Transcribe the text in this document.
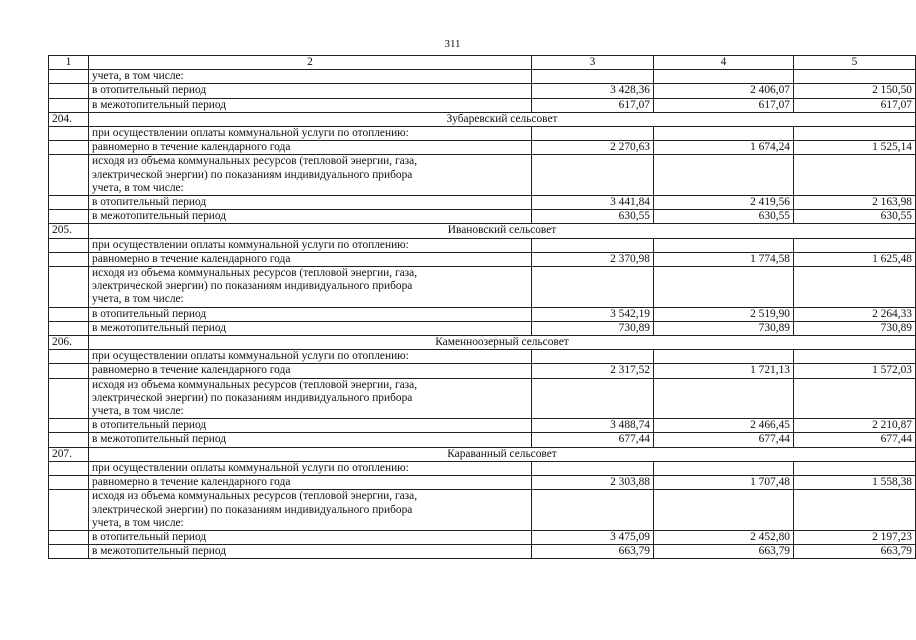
311
1	2	3	4	5
	учета, в том числе:			
	в отопительный период	3 428,36	2 406,07	2 150,50
	в межотопительный период	617,07	617,07	617,07
204.	Зубаревский сельсовет			
	при осуществлении оплаты коммунальной услуги по отоплению:			
	равномерно в течение календарного года	2 270,63	1 674,24	1 525,14

	исходя из объема коммунальных ресурсов (тепловой энергии, газа,
электрической энергии) по показаниям индивидуального прибора
учета, в том числе:			

	в отопительный период	3 441,84	2 419,56	2 163,98
	в межотопительный период	630,55	630,55	630,55
205.	Ивановский сельсовет			
	при осуществлении оплаты коммунальной услуги по отоплению:			
	равномерно в течение календарного года	2 370,98	1 774,58	1 625,48

	исходя из объема коммунальных ресурсов (тепловой энергии, газа,
электрической энергии) по показаниям индивидуального прибора
учета, в том числе:			

	в отопительный период	3 542,19	2 519,90	2 264,33
	в межотопительный период	730,89	730,89	730,89
206.	Каменноозерный сельсовет			
	при осуществлении оплаты коммунальной услуги по отоплению:			
	равномерно в течение календарного года	2 317,52	1 721,13	1 572,03

	исходя из объема коммунальных ресурсов (тепловой энергии, газа,
электрической энергии) по показаниям индивидуального прибора
учета, в том числе:			

	в отопительный период	3 488,74	2 466,45	2 210,87
	в межотопительный период	677,44	677,44	677,44
207.	Караванный сельсовет			
	при осуществлении оплаты коммунальной услуги по отоплению:			
	равномерно в течение календарного года	2 303,88	1 707,48	1 558,38

	исходя из объема коммунальных ресурсов (тепловой энергии, газа,
электрической энергии) по показаниям индивидуального прибора
учета, в том числе:			

	в отопительный период	3 475,09	2 452,80	2 197,23
	в межотопительный период	663,79	663,79	663,79
